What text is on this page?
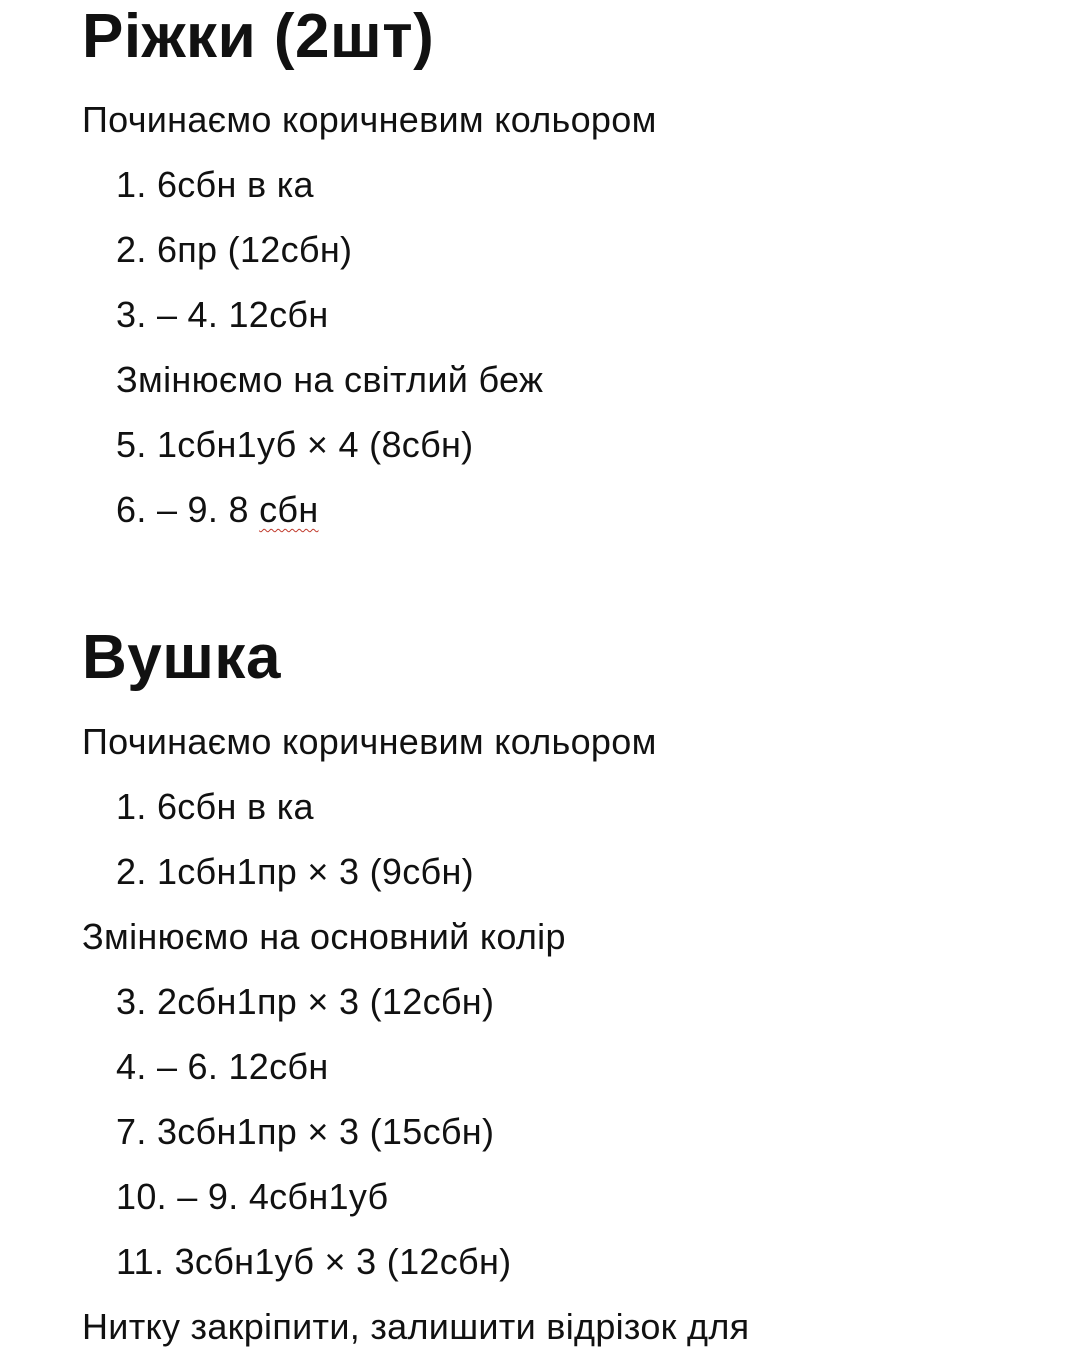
Ріжки (2шт)

Починаємо коричневим кольором

1. 6сбн в ка

2. 6пр (12сбн)

3. – 4. 12сбн

Змінюємо на світлий беж

5. 1сбн1уб × 4 (8сбн)

6. – 9. 8 сбн

Вушка

Починаємо коричневим кольором

1. 6сбн в ка

2. 1сбн1пр × 3 (9сбн)

Змінюємо на основний колір

3. 2сбн1пр × 3 (12сбн)

4. – 6. 12сбн

7. 3сбн1пр × 3 (15сбн)

10. – 9. 4сбн1уб

11. 3сбн1уб × 3 (12сбн)

Нитку закріпити, залишити відрізок для
